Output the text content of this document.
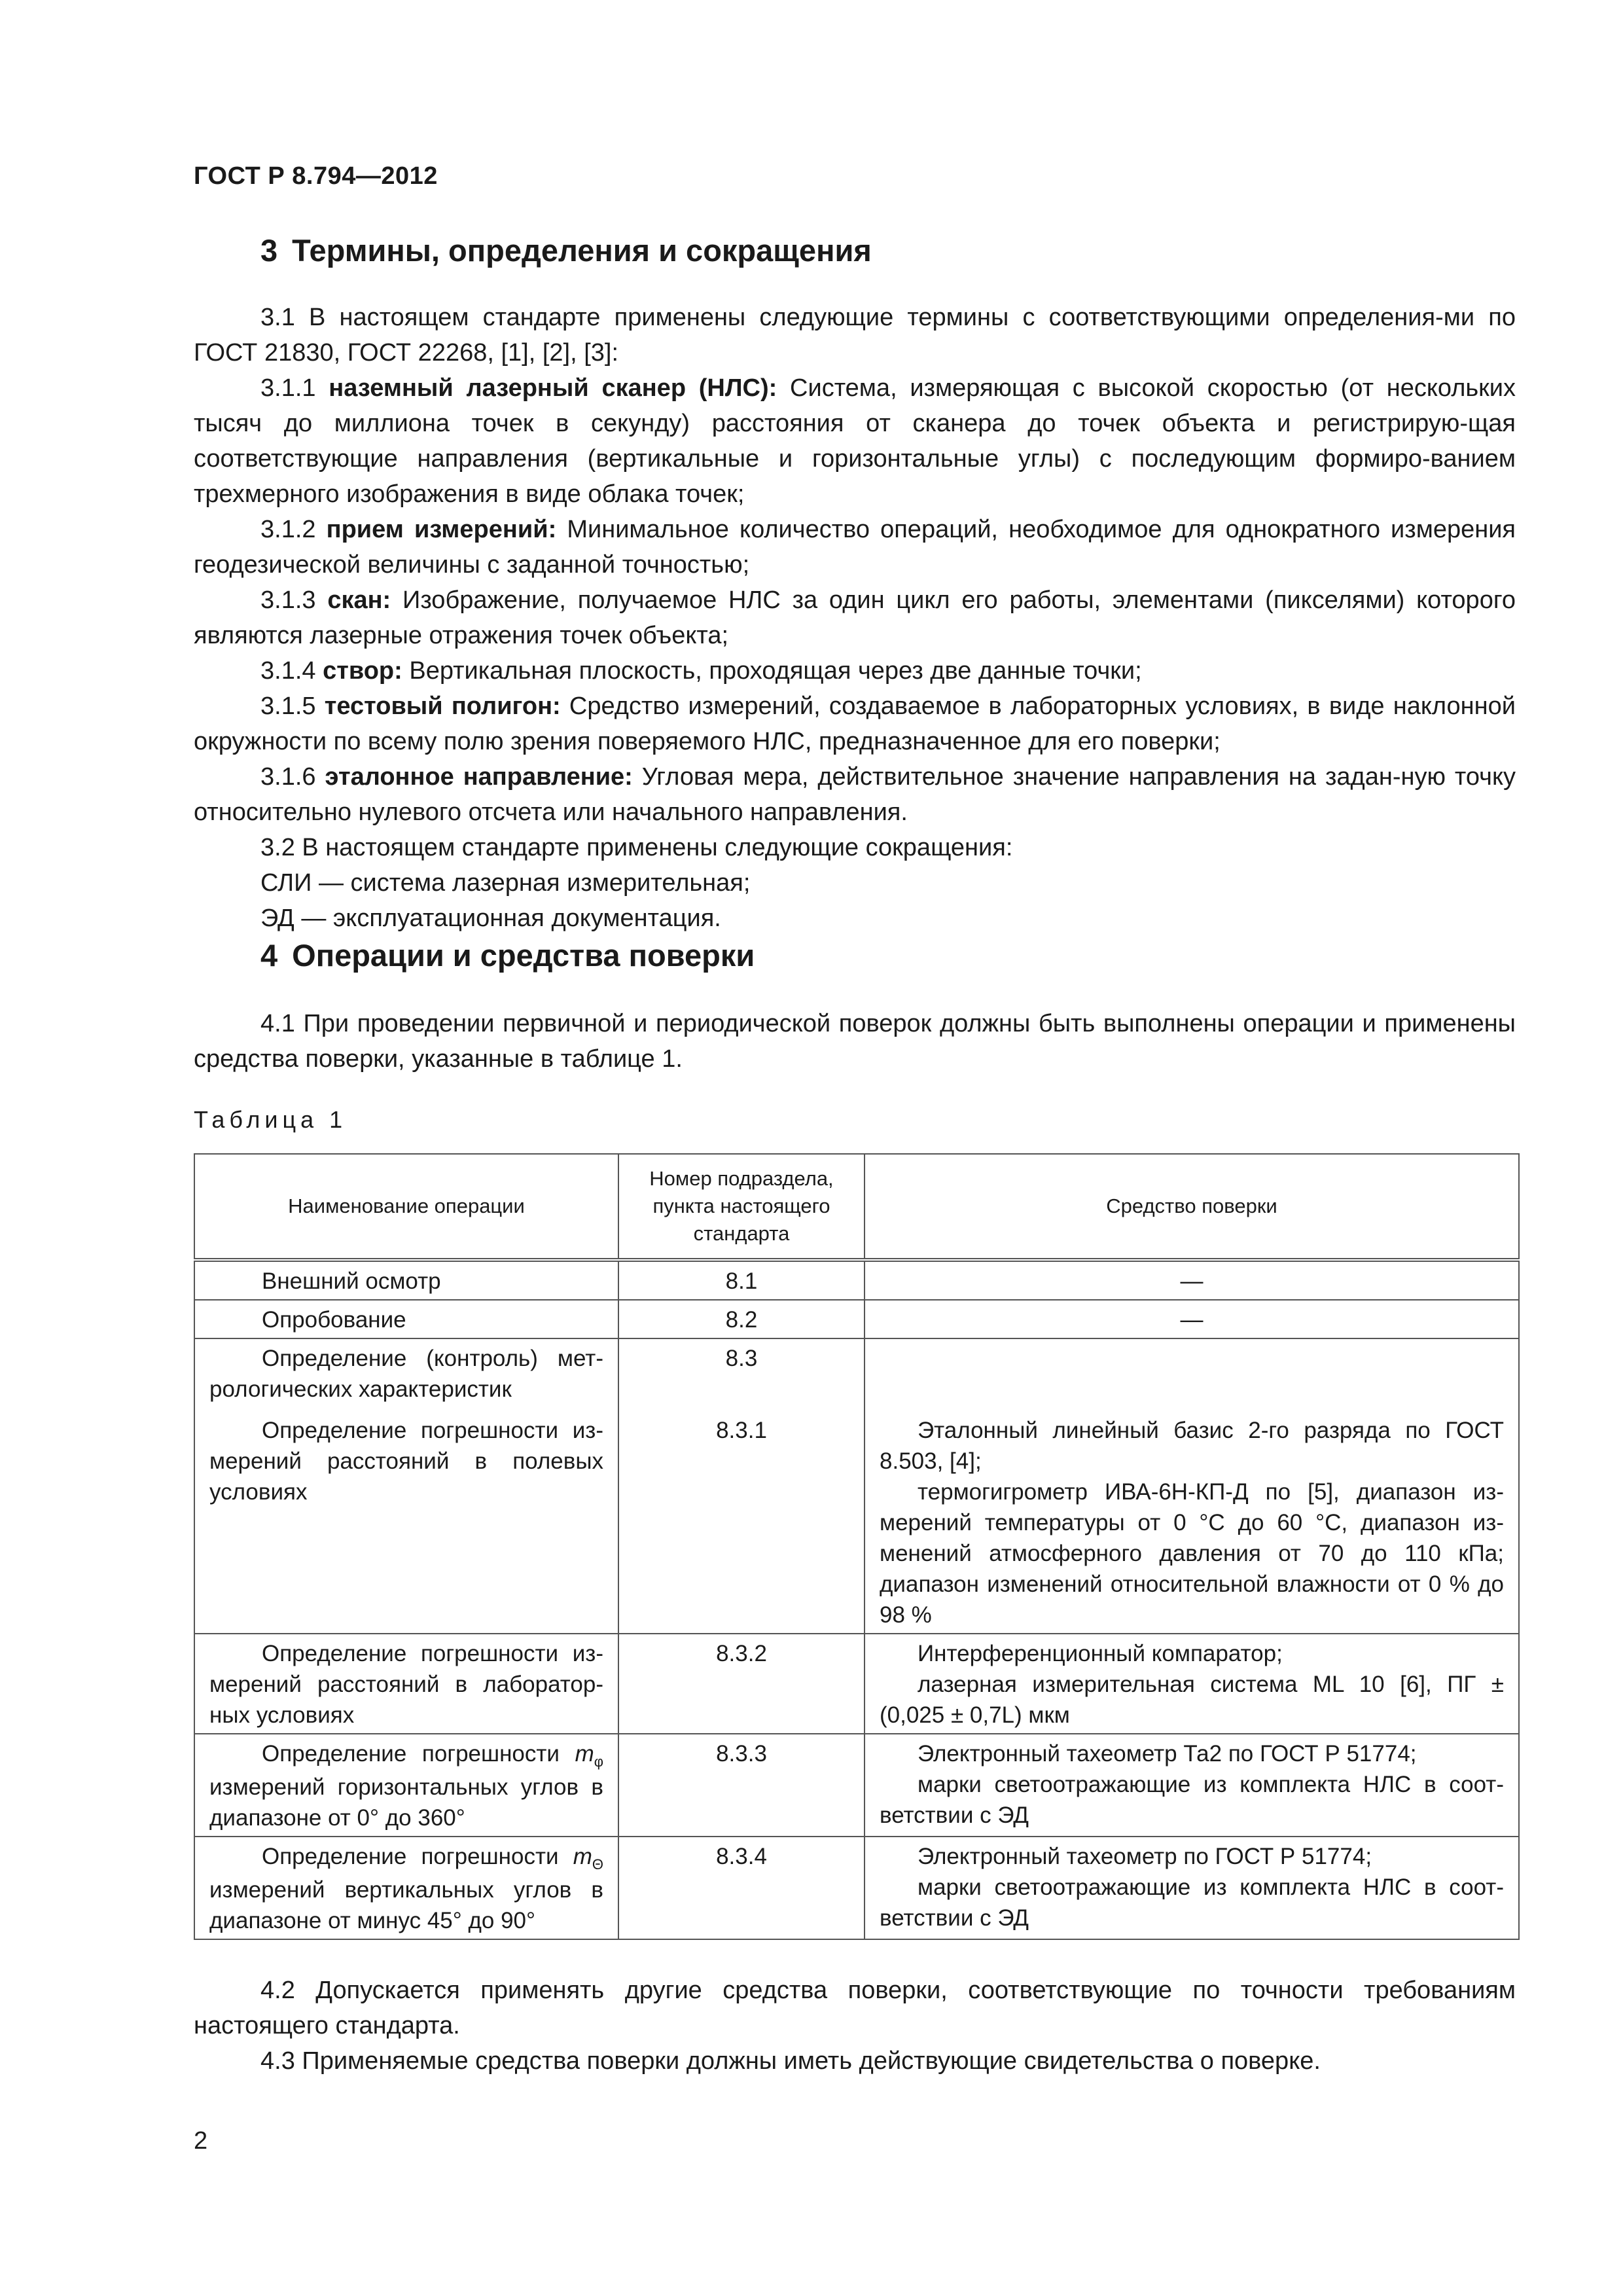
ГОСТ Р 8.794—2012
3 Термины, определения и сокращения

3.1 В настоящем стандарте применены следующие термины с соответствующими определения-ми по ГОСТ 21830, ГОСТ 22268, [1], [2], [3]:

3.1.1 наземный лазерный сканер (НЛС): Система, измеряющая с высокой скоростью (от нескольких тысяч до миллиона точек в секунду) расстояния от сканера до точек объекта и регистрирую-щая соответствующие направления (вертикальные и горизонтальные углы) с последующим формиро-ванием трехмерного изображения в виде облака точек;

3.1.2 прием измерений: Минимальное количество операций, необходимое для однократного измерения геодезической величины с заданной точностью;

3.1.3 скан: Изображение, получаемое НЛС за один цикл его работы, элементами (пикселями) которого являются лазерные отражения точек объекта;

3.1.4 створ: Вертикальная плоскость, проходящая через две данные точки;

3.1.5 тестовый полигон: Средство измерений, создаваемое в лабораторных условиях, в виде наклонной окружности по всему полю зрения поверяемого НЛС, предназначенное для его поверки;

3.1.6 эталонное направление: Угловая мера, действительное значение направления на задан-ную точку относительно нулевого отсчета или начального направления.

3.2 В настоящем стандарте применены следующие сокращения:

СЛИ — система лазерная измерительная;

ЭД — эксплуатационная документация.

4 Операции и средства поверки

4.1 При проведении первичной и периодической поверок должны быть выполнены операции и применены средства поверки, указанные в таблице 1.

Таблица 1
Наименование операции	Номер подраздела, пункта настоящего стандарта	Средство поверки

Внешний осмотр	8.1	—

Опробование	8.2	—

Определение (контроль) мет-рологических характеристик	8.3	

Определение погрешности из-мерений расстояний в полевых условиях	8.3.1	Эталонный линейный базис 2-го разряда по ГОСТ 8.503, [4];
термогигрометр ИВА-6Н-КП-Д по [5], диапазон из-мерений температуры от 0 °С до 60 °С, диапазон из-менений атмосферного давления от 70 до 110 кПа; диапазон изменений относительной влажности от 0 % до 98 %

Определение погрешности из-мерений расстояний в лаборатор-ных условиях	8.3.2	Интерференционный компаратор;
лазерная измерительная система ML 10 [6], ПГ ± (0,025 ± 0,7L) мкм

Определение погрешности $m_\varphi$ измерений горизонтальных углов в диапазоне от 0° до 360°	8.3.3	Электронный тахеометр Та2 по ГОСТ Р 51774;
марки светоотражающие из комплекта НЛС в соот-ветствии с ЭД

Определение погрешности $m_\Theta$ измерений вертикальных углов в диапазоне от минус 45° до 90°	8.3.4	Электронный тахеометр по ГОСТ Р 51774;
марки светоотражающие из комплекта НЛС в соот-ветствии с ЭД

4.2 Допускается применять другие средства поверки, соответствующие по точности требованиям настоящего стандарта.

4.3 Применяемые средства поверки должны иметь действующие свидетельства о поверке.

2
